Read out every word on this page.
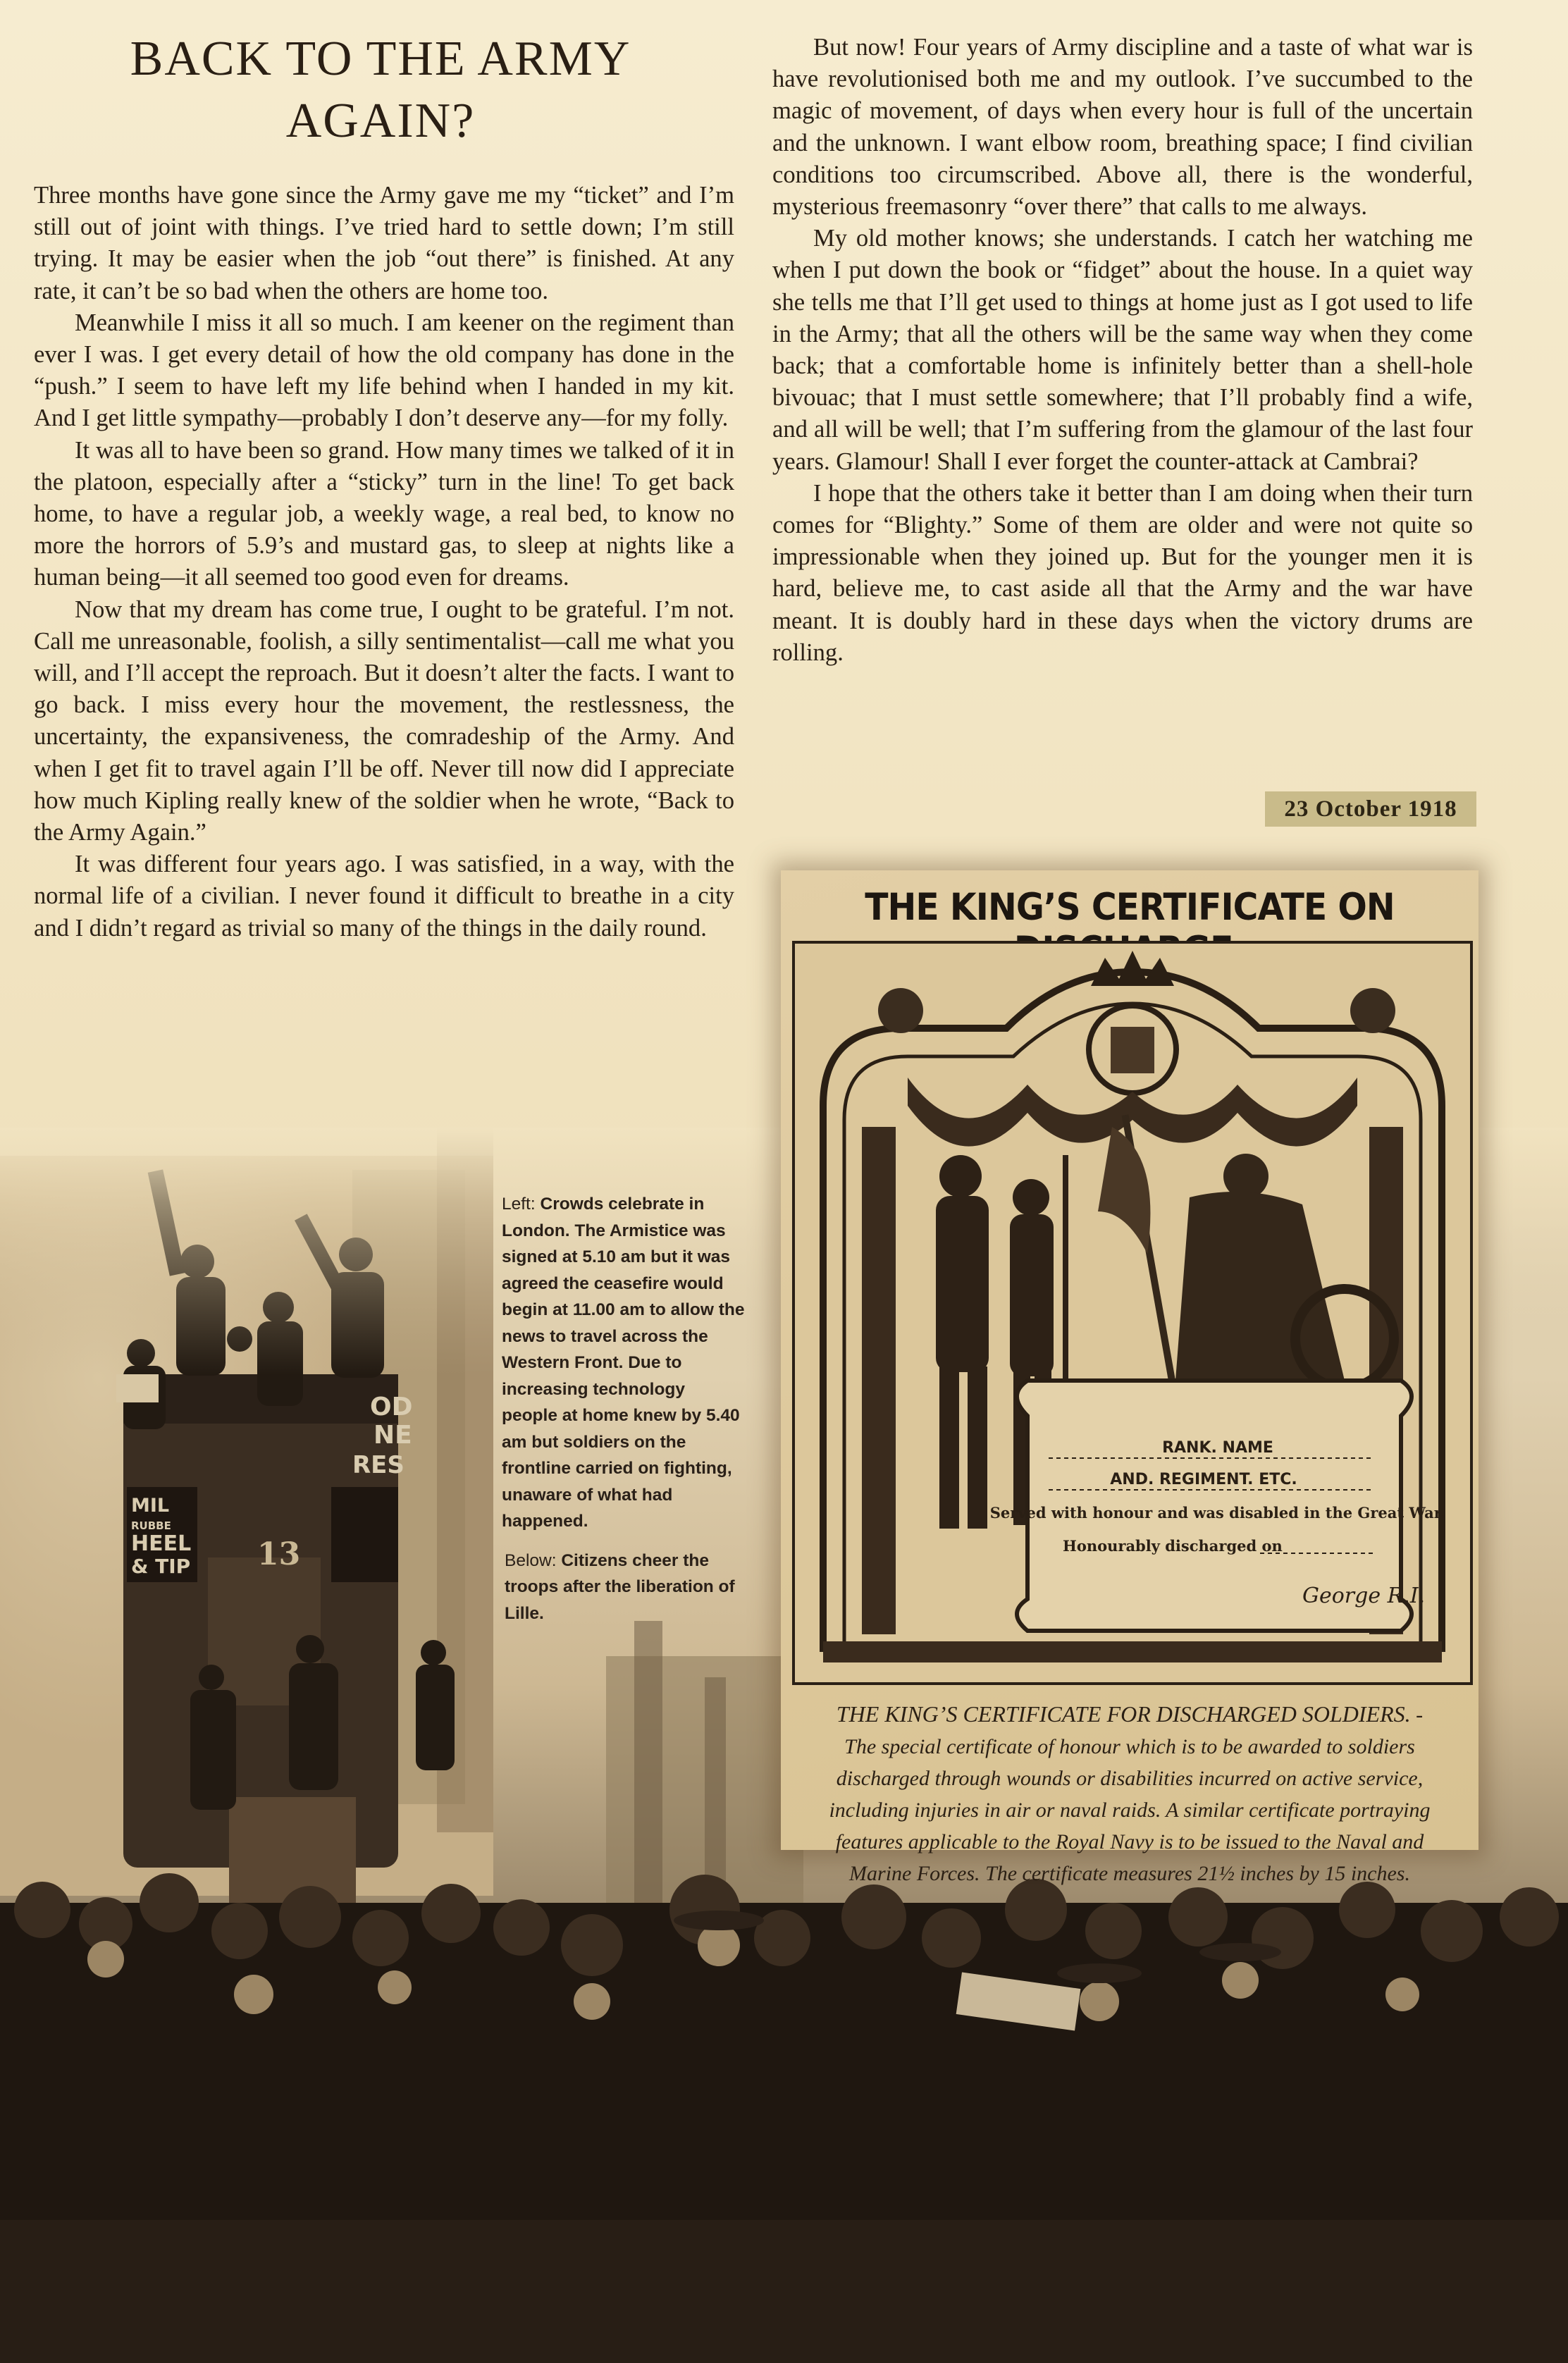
BACK TO THE ARMY
AGAIN?

Three months have gone since the Army gave me my “ticket” and I’m still out of joint with things. I’ve tried hard to settle down; I’m still trying. It may be easier when the job “out there” is finished. At any rate, it can’t be so bad when the others are home too.

Meanwhile I miss it all so much. I am keener on the regiment than ever I was. I get every detail of how the old company has done in the “push.” I seem to have left my life behind when I handed in my kit. And I get little sympathy—probably I don’t deserve any—for my folly.

It was all to have been so grand. How many times we talked of it in the platoon, especially after a “sticky” turn in the line! To get back home, to have a regular job, a weekly wage, a real bed, to know no more the horrors of 5.9’s and mustard gas, to sleep at nights like a human being—it all seemed too good even for dreams.

Now that my dream has come true, I ought to be grateful. I’m not. Call me unreasonable, foolish, a silly sentimentalist—call me what you will, and I’ll accept the reproach. But it doesn’t alter the facts. I want to go back. I miss every hour the movement, the restlessness, the uncertainty, the expansiveness, the comradeship of the Army. And when I get fit to travel again I’ll be off. Never till now did I appreciate how much Kipling really knew of the soldier when he wrote, “Back to the Army Again.”

It was different four years ago. I was satisfied, in a way, with the normal life of a civilian. I never found it difficult to breathe in a city and I didn’t regard as trivial so many of the things in the daily round.

But now! Four years of Army discipline and a taste of what war is have revolutionised both me and my outlook. I’ve succumbed to the magic of movement, of days when every hour is full of the uncertain and the unknown. I want elbow room, breathing space; I find civilian conditions too circumscribed. Above all, there is the wonderful, mysterious freemasonry “over there” that calls to me always.

My old mother knows; she understands. I catch her watching me when I put down the book or “fidget” about the house. In a quiet way she tells me that I’ll get used to things at home just as I got used to life in the Army; that all the others will be the same way when they come back; that a comfortable home is infinitely better than a shell-hole bivouac; that I must settle somewhere; that I’ll probably find a wife, and all will be well; that I’m suffering from the glamour of the last four years. Glamour! Shall I ever forget the counter-attack at Cambrai?

I hope that the others take it better than I am doing when their turn comes for “Blighty.” Some of them are older and were not quite so impressionable when they joined up. But for the younger men it is hard, believe me, to cast aside all that the Army and the war have meant. It is doubly hard in these days when the victory drums are rolling.

23 October 1918
THE KING’S CERTIFICATE ON
RANK. NAME
AND. REGIMENT. ETC.
Served with honour and was disabled in the Great War.
Honourably discharged on
George R.I.
THE KING’S CERTIFICATE FOR DISCHARGED SOLDIERS. - The special certificate of honour which is to be awarded to soldiers discharged through wounds or disabilities incurred on active service, including injuries in air or naval raids. A similar certificate portraying features applicable to the Royal Navy is to be issued to the Naval and Marine Forces. The certificate measures 21½ inches by 15 inches.

Left: Crowds celebrate in London. The Armistice was signed at 5.10 am but it was agreed the ceasefire would begin at 11.00 am to allow the news to travel across the Western Front. Due to increasing technology people at home knew by 5.40 am but soldiers on the frontline carried on fighting, unaware of what had happened.

Below: Citizens cheer the troops after the liberation of Lille.
